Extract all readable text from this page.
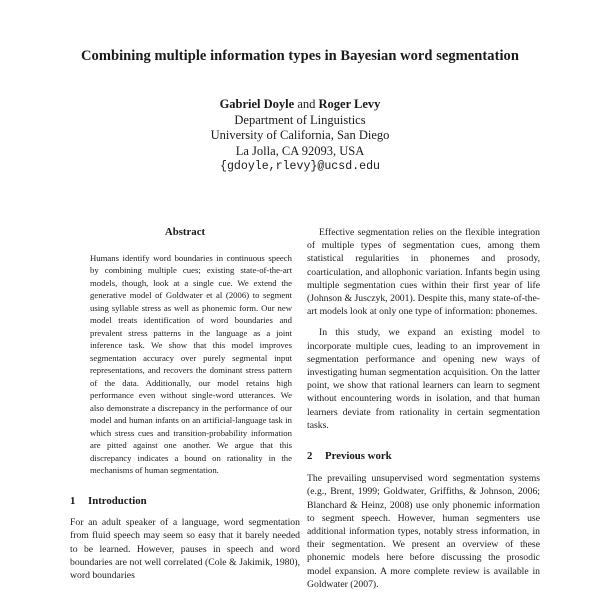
Combining multiple information types in Bayesian word segmentation
Gabriel Doyle and Roger Levy
Department of Linguistics
University of California, San Diego
La Jolla, CA 92093, USA
{gdoyle,rlevy}@ucsd.edu
Abstract

Humans identify word boundaries in continuous speech by combining multiple cues; existing state-of-the-art models, though, look at a single cue. We extend the generative model of Goldwater et al (2006) to segment using syllable stress as well as phonemic form. Our new model treats identification of word boundaries and prevalent stress patterns in the language as a joint inference task. We show that this model improves segmentation accuracy over purely segmental input representations, and recovers the dominant stress pattern of the data. Additionally, our model retains high performance even without single-word utterances. We also demonstrate a discrepancy in the performance of our model and human infants on an artificial-language task in which stress cues and transition-probability information are pitted against one another. We argue that this discrepancy indicates a bound on rationality in the mechanisms of human segmentation.

1 Introduction

For an adult speaker of a language, word segmentation from fluid speech may seem so easy that it barely needed to be learned. However, pauses in speech and word boundaries are not well correlated (Cole & Jakimik, 1980), word boundaries

Effective segmentation relies on the flexible integration of multiple types of segmentation cues, among them statistical regularities in phonemes and prosody, coarticulation, and allophonic variation. Infants begin using multiple segmentation cues within their first year of life (Johnson & Jusczyk, 2001). Despite this, many state-of-the-art models look at only one type of information: phonemes.

In this study, we expand an existing model to incorporate multiple cues, leading to an improvement in segmentation performance and opening new ways of investigating human segmentation acquisition. On the latter point, we show that rational learners can learn to segment without encountering words in isolation, and that human learners deviate from rationality in certain segmentation tasks.

2 Previous work

The prevailing unsupervised word segmentation systems (e.g., Brent, 1999; Goldwater, Griffiths, & Johnson, 2006; Blanchard & Heinz, 2008) use only phonemic information to segment speech. However, human segmenters use additional information types, notably stress information, in their segmentation. We present an overview of these phonemic models here before discussing the prosodic model expansion. A more complete review is available in Goldwater (2007).
